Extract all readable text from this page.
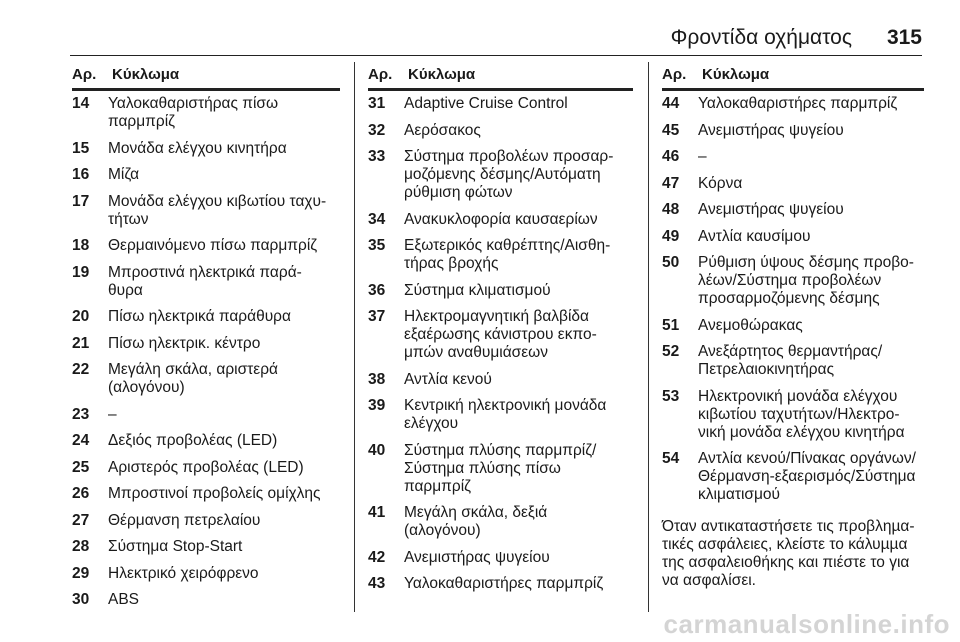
Φροντίδα οχήματος 315
Αρ. Κύκλωμα
14	Υαλοκαθαριστήρας πίσω
παρμπρίζ
15	Μονάδα ελέγχου κινητήρα
16	Μίζα
17	Μονάδα ελέγχου κιβωτίου ταχυ-
τήτων
18	Θερμαινόμενο πίσω παρμπρίζ
19	Μπροστινά ηλεκτρικά παρά-
θυρα
20	Πίσω ηλεκτρικά παράθυρα
21	Πίσω ηλεκτρικ. κέντρο
22	Μεγάλη σκάλα, αριστερά
(αλογόνου)
23	–
24	Δεξιός προβολέας (LED)
25	Αριστερός προβολέας (LED)
26	Μπροστινοί προβολείς ομίχλης
27	Θέρμανση πετρελαίου
28	Σύστημα Stop-Start
29	Ηλεκτρικό χειρόφρενο
30	ABS
Αρ. Κύκλωμα
31	Adaptive Cruise Control
32	Αερόσακος
33	Σύστημα προβολέων προσαρ-
μοζόμενης δέσμης/Αυτόματη
ρύθμιση φώτων
34	Ανακυκλοφορία καυσαερίων
35	Εξωτερικός καθρέπτης/Αισθη-
τήρας βροχής
36	Σύστημα κλιματισμού
37	Ηλεκτρομαγνητική βαλβίδα
εξαέρωσης κάνιστρου εκπο-
μπών αναθυμιάσεων
38	Αντλία κενού
39	Κεντρική ηλεκτρονική μονάδα
ελέγχου
40	Σύστημα πλύσης παρμπρίζ/
Σύστημα πλύσης πίσω
παρμπρίζ
41	Μεγάλη σκάλα, δεξιά
(αλογόνου)
42	Ανεμιστήρας ψυγείου
43	Υαλοκαθαριστήρες παρμπρίζ
Αρ. Κύκλωμα
44	Υαλοκαθαριστήρες παρμπρίζ
45	Ανεμιστήρας ψυγείου
46	–
47	Κόρνα
48	Ανεμιστήρας ψυγείου
49	Αντλία καυσίμου
50	Ρύθμιση ύψους δέσμης προβο-
λέων/Σύστημα προβολέων
προσαρμοζόμενης δέσμης
51	Ανεμοθώρακας
52	Ανεξάρτητος θερμαντήρας/
Πετρελαιοκινητήρας
53	Ηλεκτρονική μονάδα ελέγχου
κιβωτίου ταχυτήτων/Ηλεκτρο-
νική μονάδα ελέγχου κινητήρα
54	Αντλία κενού/Πίνακας οργάνων/
Θέρμανση-εξαερισμός/Σύστημα
κλιματισμού
Όταν αντικαταστήσετε τις προβληµα-
τικές ασφάλειες, κλείστε το κάλυµµα
της ασφαλειοθήκης και πιέστε το για
να ασφαλίσει.
carmanualsonline.info
